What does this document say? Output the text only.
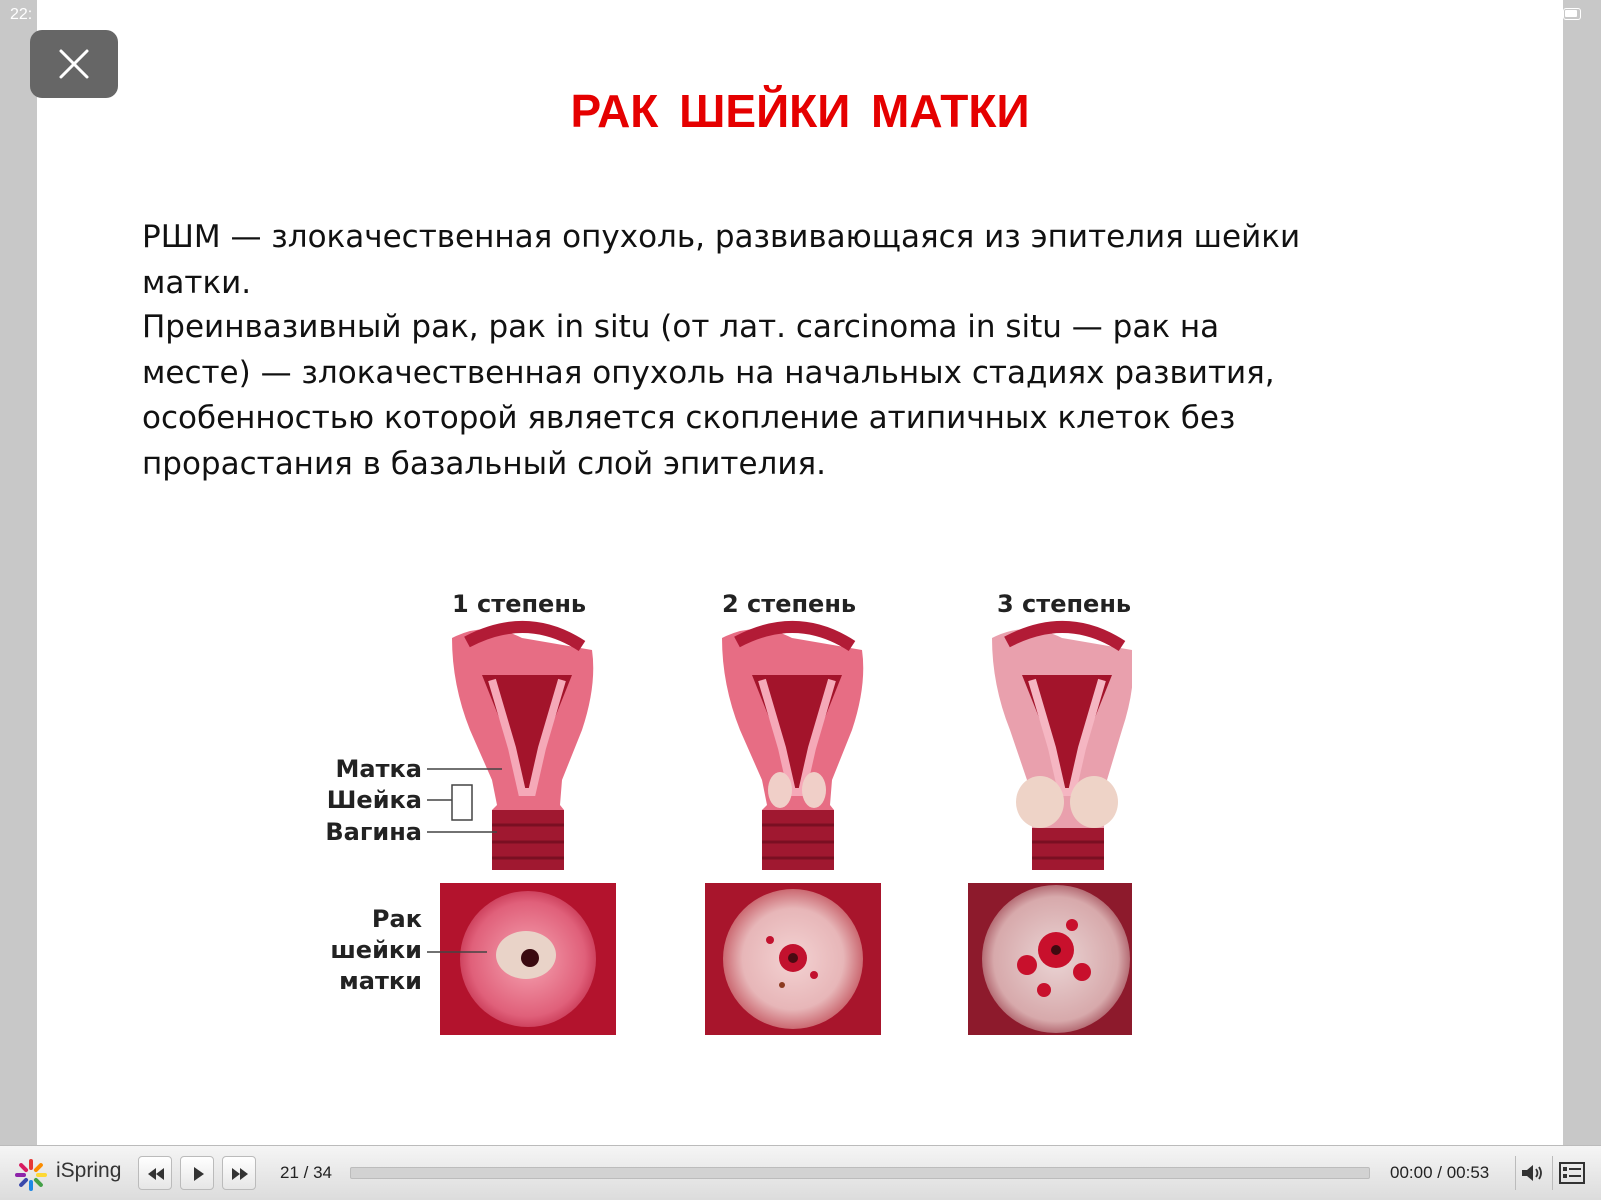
22:
РАК ШЕЙКИ МАТКИ
РШМ — злокачественная опухоль, развивающаяся из эпителия шейки
матки.
Преинвазивный рак, рак in situ (от лат. carcinoma in situ — рак на
месте) — злокачественная опухоль на начальных стадиях развития,
особенностью которой является скопление атипичных клеток без
прорастания в базальный слой эпителия.
1 степень	2 степень	3 степень
Матка
Шейка
Вагина
Рак
шейки
матки
iSpring	21 / 34	00:00 / 00:53
